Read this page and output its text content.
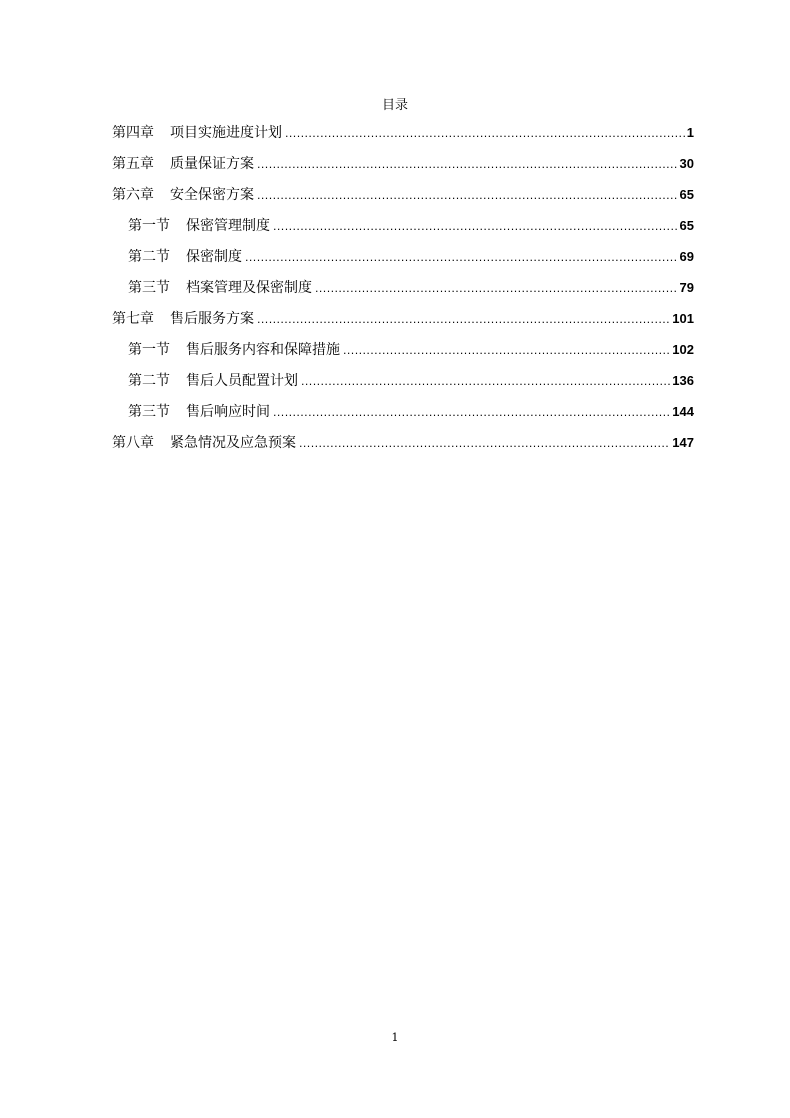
目录
第四章 项目实施进度计划 .....	1
第五章 质量保证方案 .....	30
第六章 安全保密方案 .....	65
第一节 保密管理制度 .....	65
第二节 保密制度 .....	69
第三节 档案管理及保密制度 .....	79
第七章 售后服务方案 .....	101
第一节 售后服务内容和保障措施 .....	102
第二节 售后人员配置计划 .....	136
第三节 售后响应时间 .....	144
第八章 紧急情况及应急预案 .....	147
1
